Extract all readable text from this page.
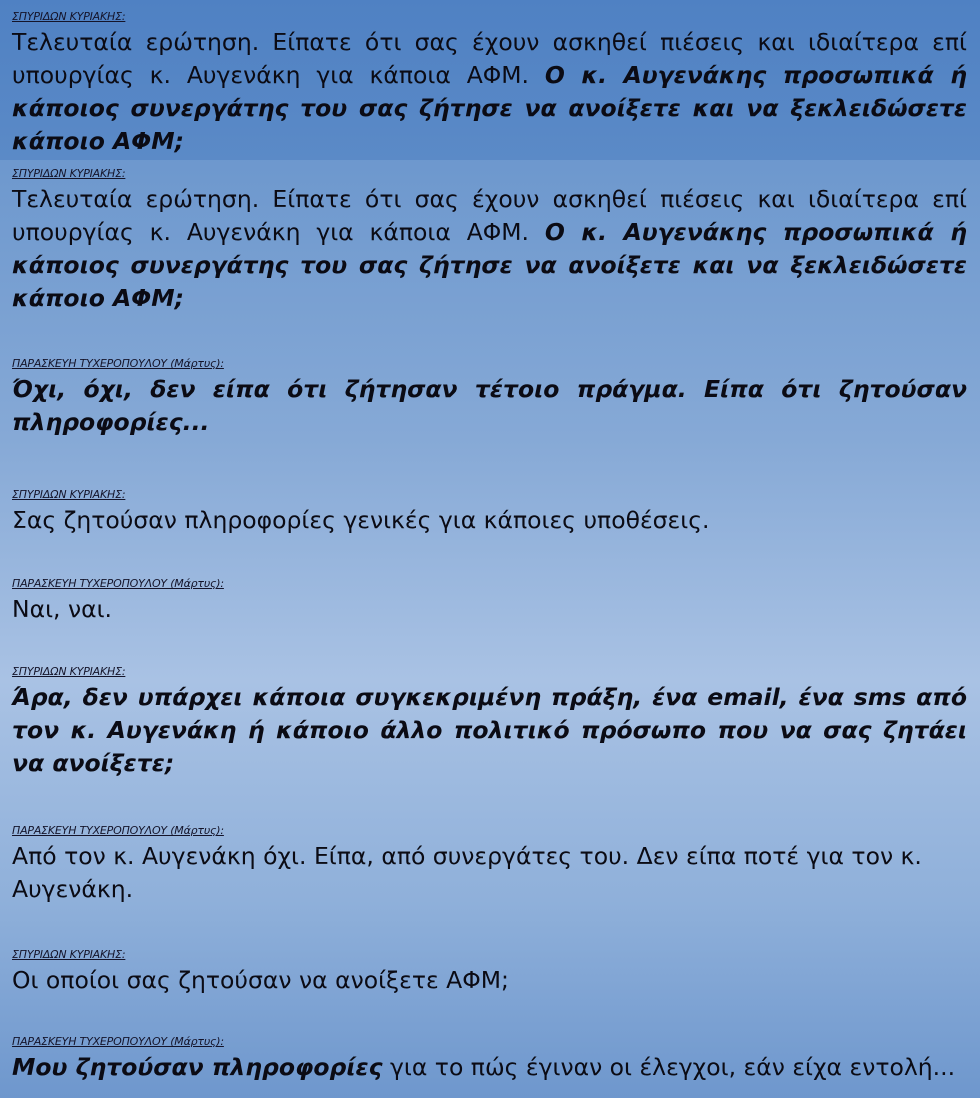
ΣΠΥΡΙΔΩΝ ΚΥΡΙΑΚΗΣ:
Τελευταία ερώτηση. Είπατε ότι σας έχουν ασκηθεί πιέσεις και ιδιαίτερα επί υπουργίας κ. Αυγενάκη για κάποια ΑΦΜ. Ο κ. Αυγενάκης προσωπικά ή κάποιος συνεργάτης του σας ζήτησε να ανοίξετε και να ξεκλειδώσετε κάποιο ΑΦΜ;
ΣΠΥΡΙΔΩΝ ΚΥΡΙΑΚΗΣ:
Τελευταία ερώτηση. Είπατε ότι σας έχουν ασκηθεί πιέσεις και ιδιαίτερα επί υπουργίας κ. Αυγενάκη για κάποια ΑΦΜ. Ο κ. Αυγενάκης προσωπικά ή κάποιος συνεργάτης του σας ζήτησε να ανοίξετε και να ξεκλειδώσετε κάποιο ΑΦΜ;
ΠΑΡΑΣΚΕΥΗ ΤΥΧΕΡΟΠΟΥΛΟΥ (Μάρτυς):
Όχι, όχι, δεν είπα ότι ζήτησαν τέτοιο πράγμα. Είπα ότι ζητούσαν πληροφορίες...
ΣΠΥΡΙΔΩΝ ΚΥΡΙΑΚΗΣ:
Σας ζητούσαν πληροφορίες γενικές για κάποιες υποθέσεις.
ΠΑΡΑΣΚΕΥΗ ΤΥΧΕΡΟΠΟΥΛΟΥ (Μάρτυς):
Ναι, ναι.
ΣΠΥΡΙΔΩΝ ΚΥΡΙΑΚΗΣ:
Άρα, δεν υπάρχει κάποια συγκεκριμένη πράξη, ένα email, ένα sms από τον κ. Αυγενάκη ή κάποιο άλλο πολιτικό πρόσωπο που να σας ζητάει να ανοίξετε;
ΠΑΡΑΣΚΕΥΗ ΤΥΧΕΡΟΠΟΥΛΟΥ (Μάρτυς):
Από τον κ. Αυγενάκη όχι. Είπα, από συνεργάτες του. Δεν είπα ποτέ για τον κ. Αυγενάκη.
ΣΠΥΡΙΔΩΝ ΚΥΡΙΑΚΗΣ:
Οι οποίοι σας ζητούσαν να ανοίξετε ΑΦΜ;
ΠΑΡΑΣΚΕΥΗ ΤΥΧΕΡΟΠΟΥΛΟΥ (Μάρτυς):
Μου ζητούσαν πληροφορίες για το πώς έγιναν οι έλεγχοι, εάν είχα εντολή...
